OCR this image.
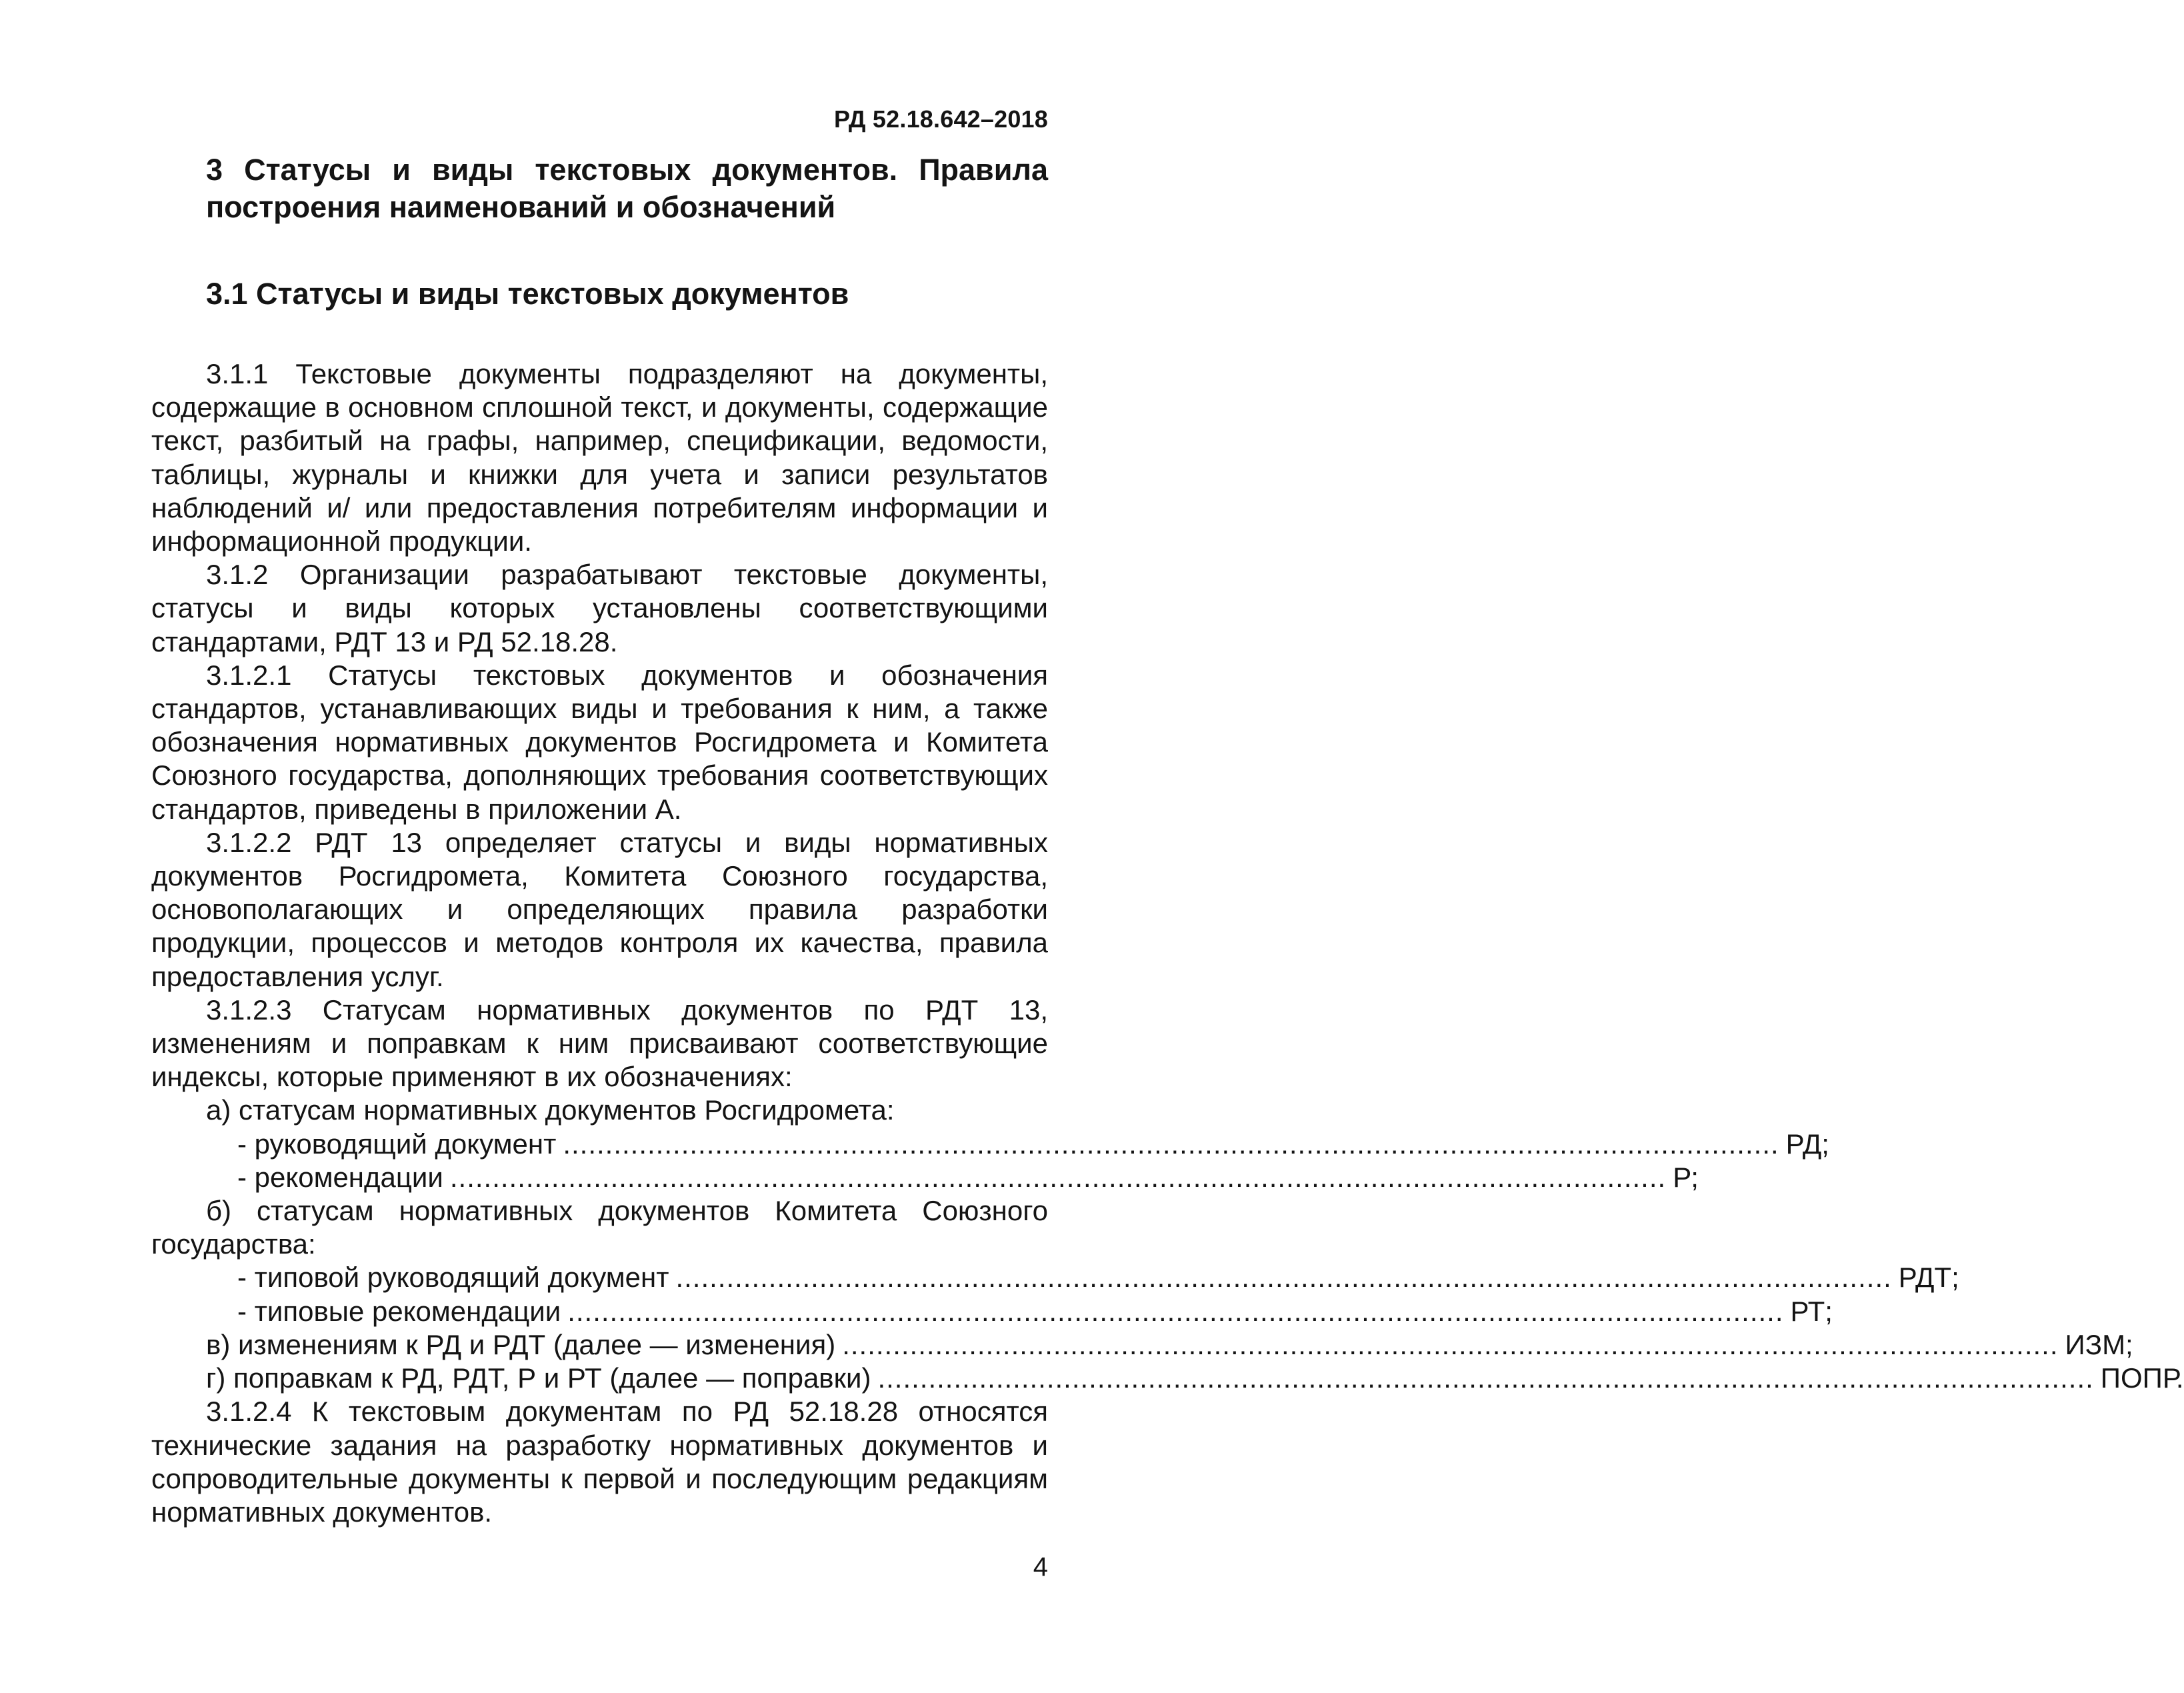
РД 52.18.642–2018
3 Статусы и виды текстовых документов. Правила построения наименований и обозначений
3.1 Статусы и виды текстовых документов

3.1.1 Текстовые документы подразделяют на документы, содержащие в основном сплошной текст, и документы, содержащие текст, разбитый на графы, например, спецификации, ведомости, таблицы, журналы и книжки для учета и записи результатов наблюдений и/ или предоставления потребителям информации и информационной продукции.

3.1.2 Организации разрабатывают текстовые документы, статусы и виды которых установлены соответствующими стандартами, РДТ 13 и РД 52.18.28.

3.1.2.1 Статусы текстовых документов и обозначения стандартов, устанавливающих виды и требования к ним, а также обозначения нормативных документов Росгидромета и Комитета Союзного государства, дополняющих требования соответствующих стандартов, приведены в приложении А.

3.1.2.2 РДТ 13 определяет статусы и виды нормативных документов Росгидромета, Комитета Союзного государства, основополагающих и определяющих правила разработки продукции, процессов и методов контроля их качества, правила предоставления услуг.

3.1.2.3 Статусам нормативных документов по РДТ 13, изменениям и поправкам к ним присваивают соответствующие индексы, которые применяют в их обозначениях:

а) статусам нормативных документов Росгидромета:

- руководящий документ ................................................................................................................................................ РД;
- рекомендации ................................................................................................................................................ Р;

б) статусам нормативных документов Комитета Союзного государства:

- типовой руководящий документ ................................................................................................................................................ РДТ;
- типовые рекомендации ................................................................................................................................................ РТ;
в) изменениям к РД и РДТ (далее — изменения) ................................................................................................................................................ ИЗМ;
г) поправкам к РД, РДТ, Р и РТ (далее — поправки) ................................................................................................................................................ ПОПР.

3.1.2.4 К текстовым документам по РД 52.18.28 относятся технические задания на разработку нормативных документов и сопроводительные документы к первой и последующим редакциям нормативных документов.

4
